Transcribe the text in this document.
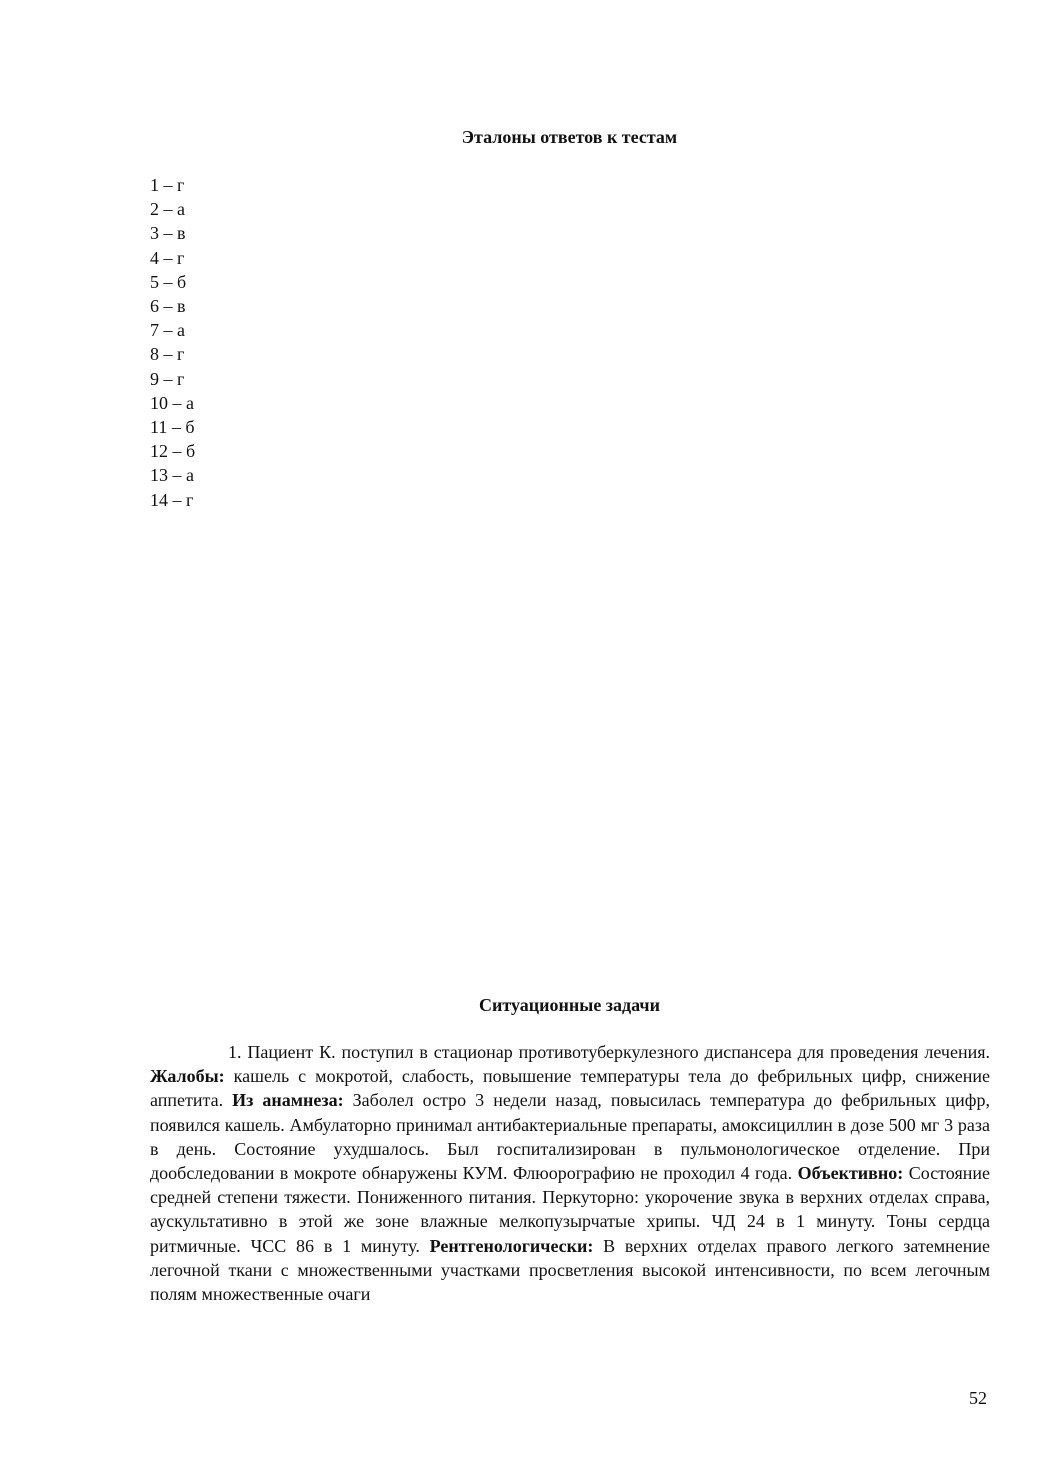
Эталоны ответов к тестам
1 – г
2 – а
3 – в
4 – г
5 – б
6 – в
7 – а
8 – г
9 – г
10 – а
11 – б
12 – б
13 – а
14 – г
Ситуационные задачи

1. Пациент К. поступил в стационар противотуберкулезного диспансера для проведения лечения. Жалобы: кашель с мокротой, слабость, повышение температуры тела до фебрильных цифр, снижение аппетита. Из анамнеза: Заболел остро 3 недели назад, повысилась температура до фебрильных цифр, появился кашель. Амбулаторно принимал антибактериальные препараты, амоксициллин в дозе 500 мг 3 раза в день. Состояние ухудшалось. Был госпитализирован в пульмонологическое отделение. При дообследовании в мокроте обнаружены КУМ. Флюорографию не проходил 4 года. Объективно: Состояние средней степени тяжести. Пониженного питания. Перкуторно: укорочение звука в верхних отделах справа, аускультативно в этой же зоне влажные мелкопузырчатые хрипы. ЧД 24 в 1 минуту. Тоны сердца ритмичные. ЧСС 86 в 1 минуту. Рентгенологически: В верхних отделах правого легкого затемнение легочной ткани с множественными участками просветления высокой интенсивности, по всем легочным полям множественные очаги

52
